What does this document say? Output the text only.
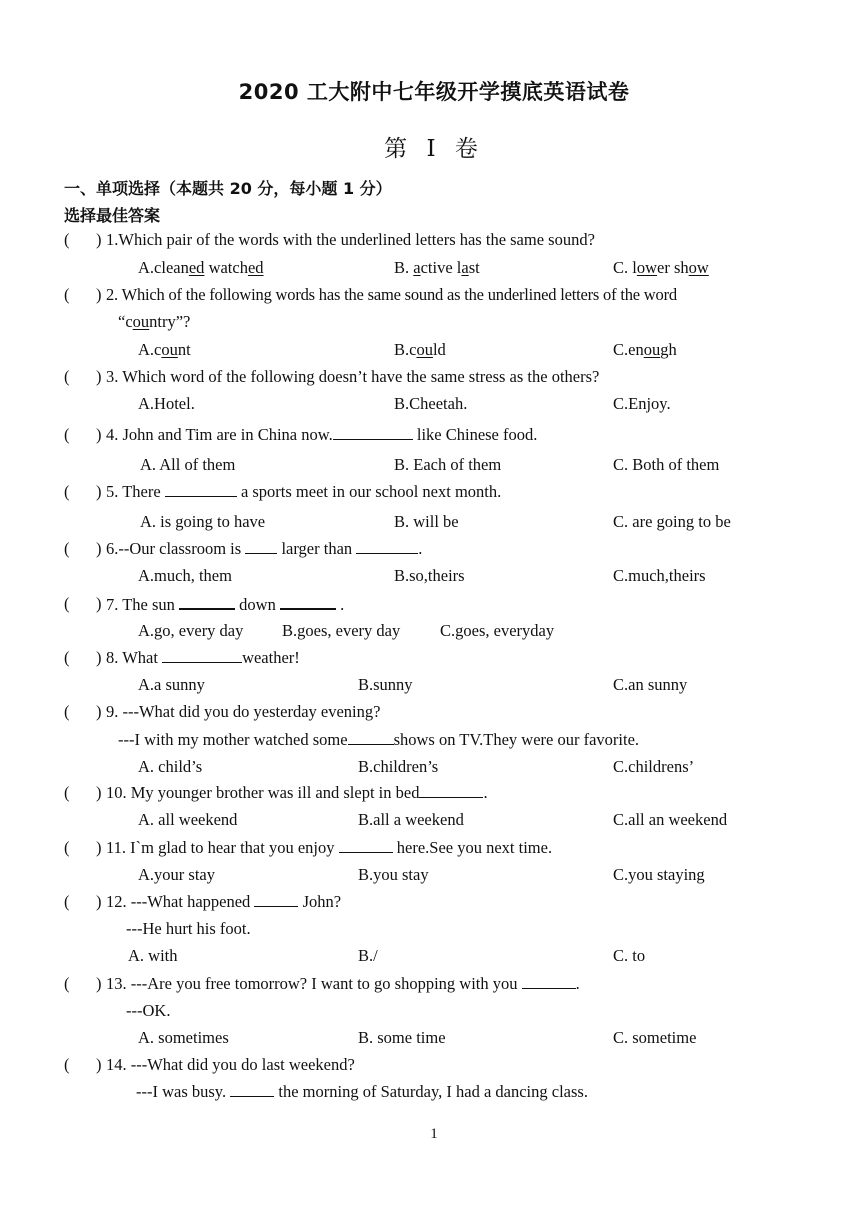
2020 工大附中七年级开学摸底英语试卷
第 I 卷
一、单项选择（本题共 20 分，每小题 1 分）
选择最佳答案
( ) 1.Which pair of the words with the underlined letters has the same sound?
A.cleaned watched	B. active last	C. lower show
( ) 2. Which of the following words has the same sound as the underlined letters of the word
“country”?
A.count	B.could	C.enough
( ) 3. Which word of the following doesn’t have the same stress as the others?
A.Hotel.	B.Cheetah.	C.Enjoy.
( ) 4. John and Tim are in China now.	like Chinese food.
A. All of them	B. Each of them	C. Both of them
( ) 5. There	a sports meet in our school next month.
A. is going to have	B. will be	C. are going to be
( ) 6.--Our classroom is  larger than	.
A.much, them	B.so,theirs	C.much,theirs
( ) 7. The sun	down	.
A.go, every day B.goes, every day C.goes, everyday
( ) 8. What	weather!
A.a sunny	B.sunny	C.an sunny
( ) 9. ---What did you do yesterday evening?
---I with my mother watched some	shows on TV.They were our favorite.
A. child’s	B.children’s	C.childrens’
( ) 10. My younger brother was ill and slept in bed	.
A. all weekend	B.all a weekend	C.all an weekend
( ) 11. I`m glad to hear that you enjoy	here.See you next time.
A.your stay	B.you stay	C.you staying
( ) 12. ---What happened	John?
---He hurt his foot.
A. with	B./	C. to
( ) 13. ---Are you free tomorrow? I want to go shopping with you	.
---OK.
A. sometimes	B. some time	C. sometime
( ) 14. ---What did you do last weekend?
---I was busy.	the morning of Saturday, I had a dancing class.
1
